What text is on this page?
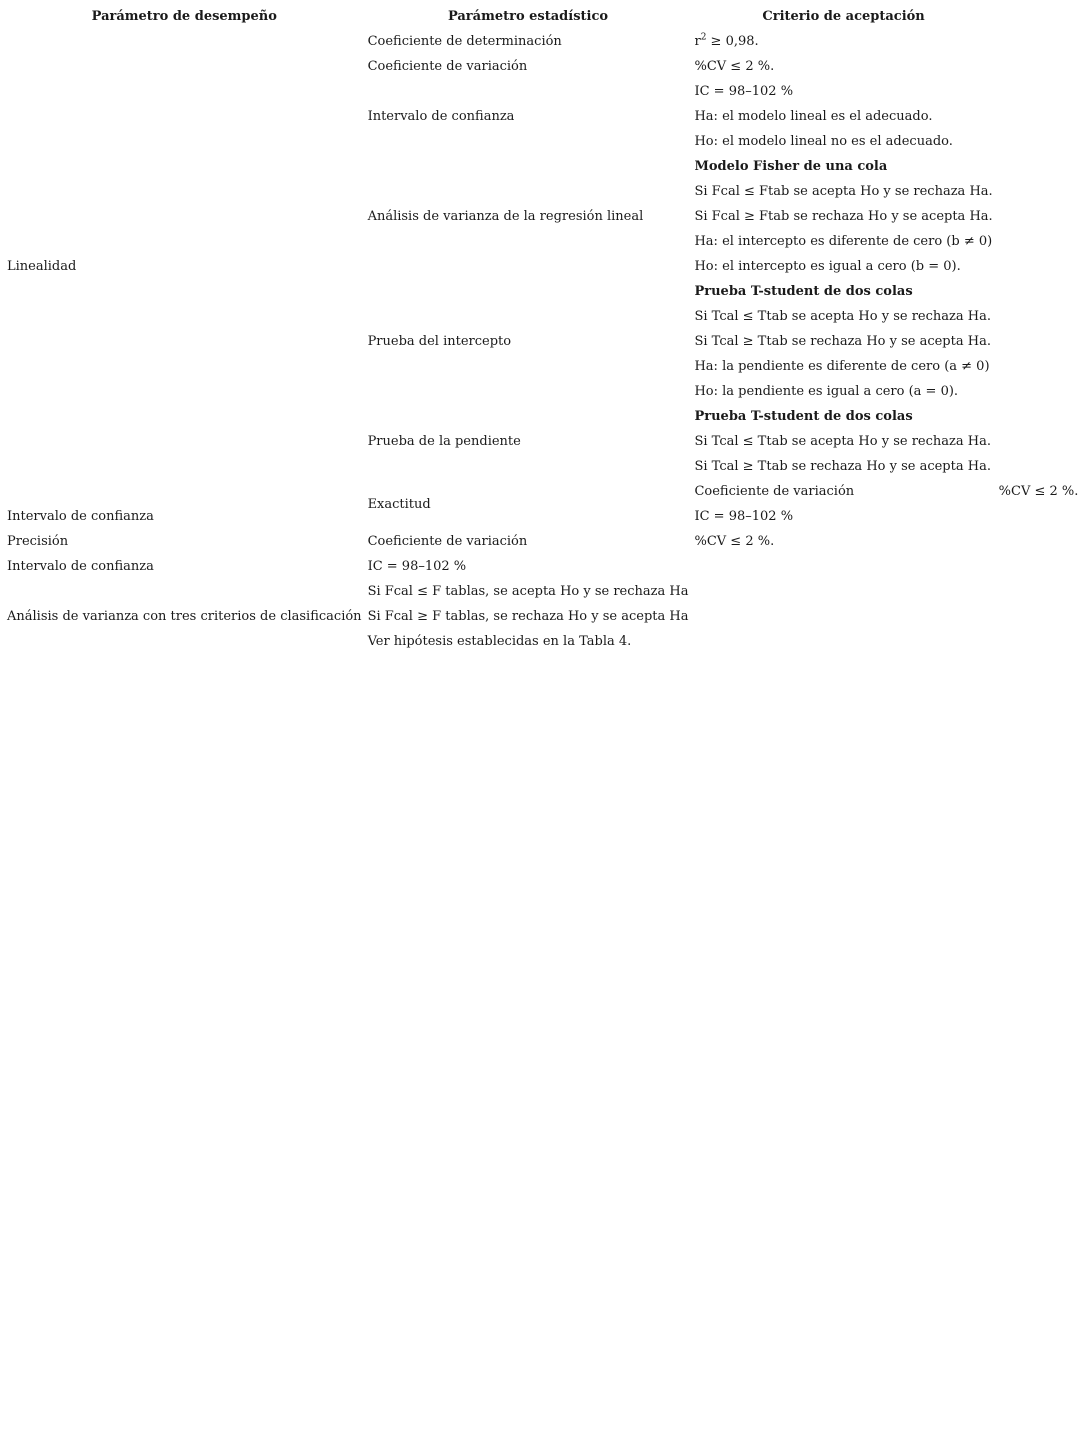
Parámetro de desempeño	Parámetro estadístico	Criterio de aceptación	
Linealidad	Coeficiente de determinación	$r^2 \ge 0,98$.	
	Coeficiente de variación	%CV ≤ 2 %.	
	Intervalo de confianza	IC = 98–102 %	
		Ha: el modelo lineal es el adecuado.	
		Ho: el modelo lineal no es el adecuado.	
	Análisis de varianza de la regresión lineal	Modelo Fisher de una cola	
		Si Fcal ≤ Ftab se acepta Ho y se rechaza Ha.	
		Si Fcal ≥ Ftab se rechaza Ho y se acepta Ha.	
		Ha: el intercepto es diferente de cero (b ≠ 0)	
		Ho: el intercepto es igual a cero (b = 0).	
	Prueba del intercepto	Prueba T-student de dos colas	
		Si Tcal ≤ Ttab se acepta Ho y se rechaza Ha.	
		Si Tcal ≥ Ttab se rechaza Ho y se acepta Ha.	
		Ha: la pendiente es diferente de cero (a ≠ 0)	
		Ho: la pendiente es igual a cero (a = 0).	
	Prueba de la pendiente	Prueba T-student de dos colas	
		Si Tcal ≤ Ttab se acepta Ho y se rechaza Ha.	
		Si Tcal ≥ Ttab se rechaza Ho y se acepta Ha.	
	Exactitud	Coeficiente de variación	%CV ≤ 2 %.
Intervalo de confianza		IC = 98–102 %	
Precisión	Coeficiente de variación	%CV ≤ 2 %.	
Intervalo de confianza	IC = 98–102 %		
Análisis de varianza con tres criterios de clasificación	Si Fcal ≤ F tablas, se acepta Ho y se rechaza Ha		
	Si Fcal ≥ F tablas, se rechaza Ho y se acepta Ha		
	Ver hipótesis establecidas en la Tabla 4.		
